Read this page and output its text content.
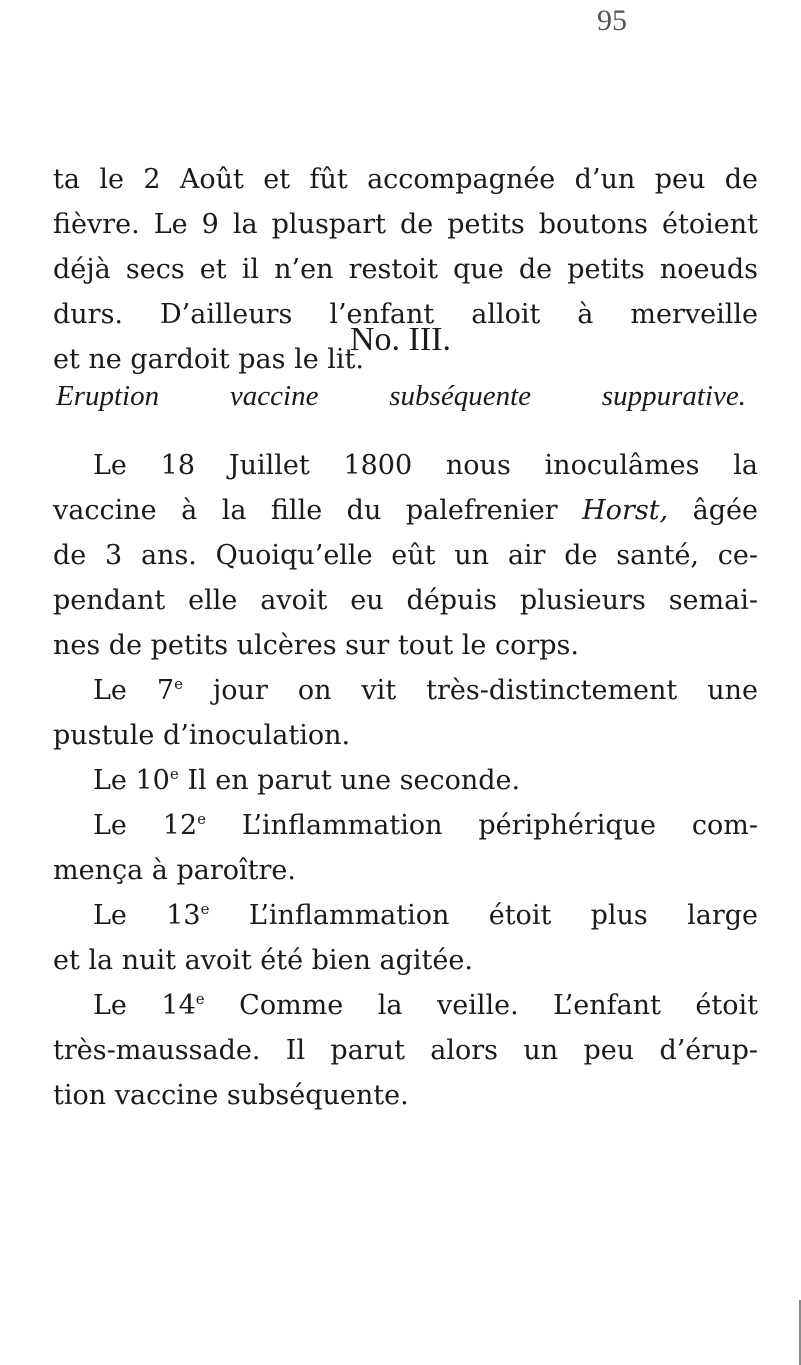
95
ta le 2 Août et fût accompagnée d’un peu de
fièvre. Le 9 la pluspart de petits boutons étoient
déjà secs et il n’en restoit que de petits noeuds
durs. D’ailleurs l’enfant alloit à merveille
et ne gardoit pas le lit.
No. III.
Eruption vaccine subséquente suppurative.
Le 18 Juillet 1800 nous inoculâmes la
vaccine à la fille du palefrenier Horst, âgée
de 3 ans. Quoiqu’elle eût un air de santé, ce-
pendant elle avoit eu dépuis plusieurs semai-
nes de petits ulcères sur tout le corps.
Le 7e jour on vit très-distinctement une
pustule d’inoculation.
Le 10e Il en parut une seconde.
Le 12e L’inflammation périphérique com-
mença à paroître.
Le 13e L’inflammation étoit plus large
et la nuit avoit été bien agitée.
Le 14e Comme la veille. L’enfant étoit
très-maussade. Il parut alors un peu d’érup-
tion vaccine subséquente.
